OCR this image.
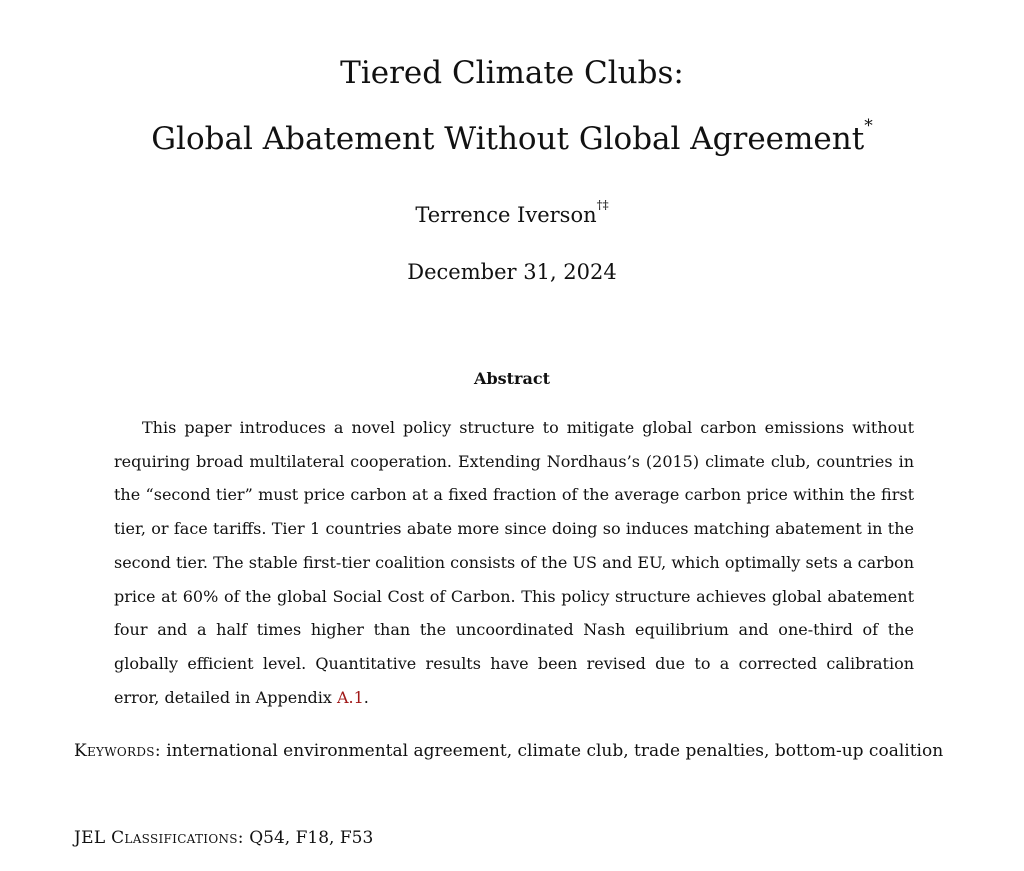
Tiered Climate Clubs:
Global Abatement Without Global Agreement*
Terrence Iverson†‡
December 31, 2024
Abstract

This paper introduces a novel policy structure to mitigate global carbon emissions without requiring broad multilateral cooperation. Extending Nordhaus’s (2015) climate club, countries in the “second tier” must price carbon at a fixed fraction of the average carbon price within the first tier, or face tariffs. Tier 1 countries abate more since doing so induces matching abatement in the second tier. The stable first-tier coalition consists of the US and EU, which optimally sets a carbon price at 60% of the global Social Cost of Carbon. This policy structure achieves global abatement four and a half times higher than the uncoordinated Nash equilibrium and one-third of the globally efficient level. Quantitative results have been revised due to a corrected calibration error, detailed in Appendix A.1.

Keywords: international environmental agreement, climate club, trade penalties, bottom-up coalition

JEL Classifications: Q54, F18, F53
